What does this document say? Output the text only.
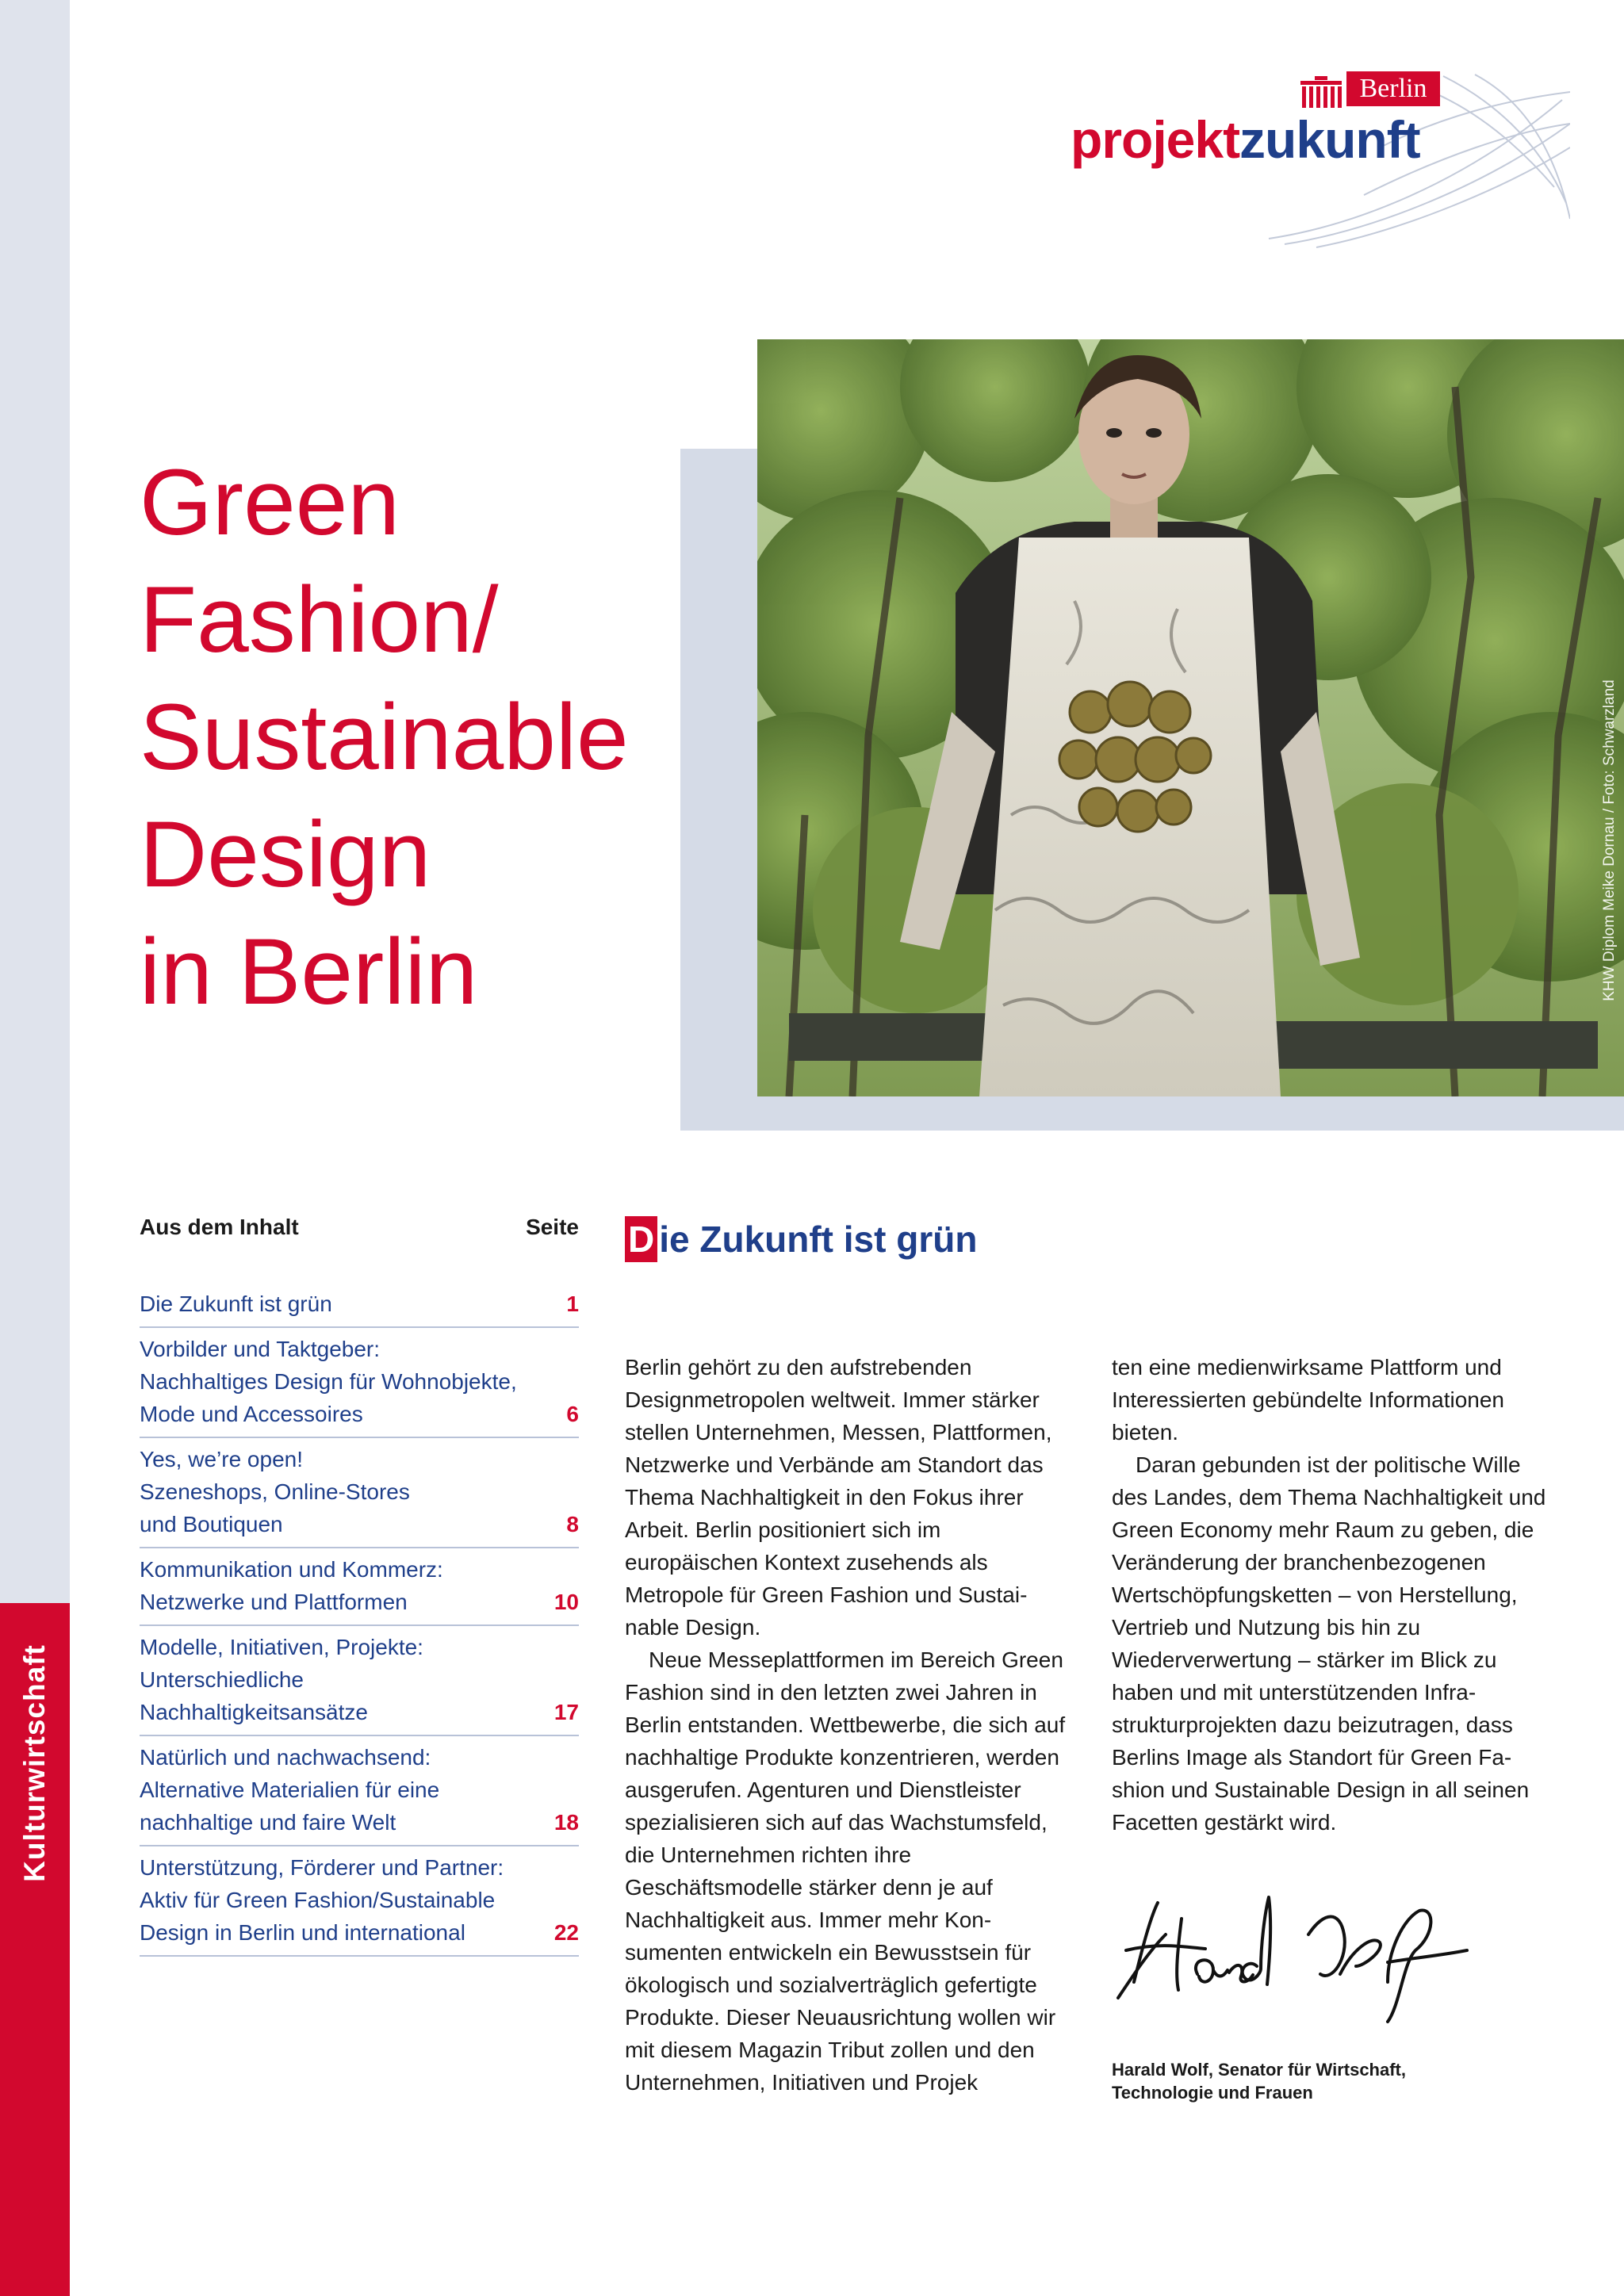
Kulturwirtschaft
Berlin
projektzukunft
Green
Fashion/
Sustainable
Design
in Berlin	KHW Diplom Meike Dornau / Foto: Schwarzland
Aus dem Inhalt	Seite
Die Zukunft ist grün	1
Vorbilder und Taktgeber:
Nachhaltiges Design für Wohnobjekte,
Mode und Accessoires	6
Yes, we’re open!
Szeneshops, Online-Stores
und Boutiquen	8
Kommunikation und Kommerz:
Netzwerke und Plattformen	10
Modelle, Initiativen, Projekte:
Unterschiedliche
Nachhaltigkeitsansätze	17
Natürlich und nachwachsend:
Alternative Materialien für eine
nachhaltige und faire Welt	18
Unterstützung, Förderer und Partner:
Aktiv für Green Fashion/Sustainable
Design in Berlin und international	22
D ie Zukunft ist grün

Berlin gehört zu den aufstrebenden Designmetropolen weltweit. Immer stärker stellen Unternehmen, Messen, Plattformen, Netzwerke und Verbände am Standort das Thema Nachhaltigkeit in den Fokus ihrer Arbeit. Berlin positioniert sich im europäischen Kontext zusehends als Metropole für Green Fashion und Sustainable Design.

Neue Messeplattformen im Bereich Green Fashion sind in den letzten zwei Jahren in Berlin entstanden. Wettbewerbe, die sich auf nachhaltige Produkte konzentrieren, werden ausgerufen. Agenturen und Dienstleister spezialisieren sich auf das Wachstumsfeld, die Unternehmen richten ihre Geschäftsmodelle stärker denn je auf Nachhaltigkeit aus. Immer mehr Konsumenten entwickeln ein Bewusstsein für ökologisch und sozialverträglich gefertigte Produkte. Dieser Neuausrichtung wollen wir mit diesem Magazin Tribut zollen und den Unternehmen, Initiativen und Projek

ten eine medienwirksame Plattform und Interessierten gebündelte Informationen bieten.

Daran gebunden ist der politische Wille des Landes, dem Thema Nachhaltigkeit und Green Economy mehr Raum zu geben, die Veränderung der branchenbezogenen Wertschöpfungsketten – von Herstellung, Vertrieb und Nutzung bis hin zu Wiederverwertung – stärker im Blick zu haben und mit unterstützenden Infrastrukturprojekten dazu beizutragen, dass Berlins Image als Standort für Green Fashion und Sustainable Design in all seinen Facetten gestärkt wird.

Harald Wolf, Senator für Wirtschaft,
Technologie und Frauen
